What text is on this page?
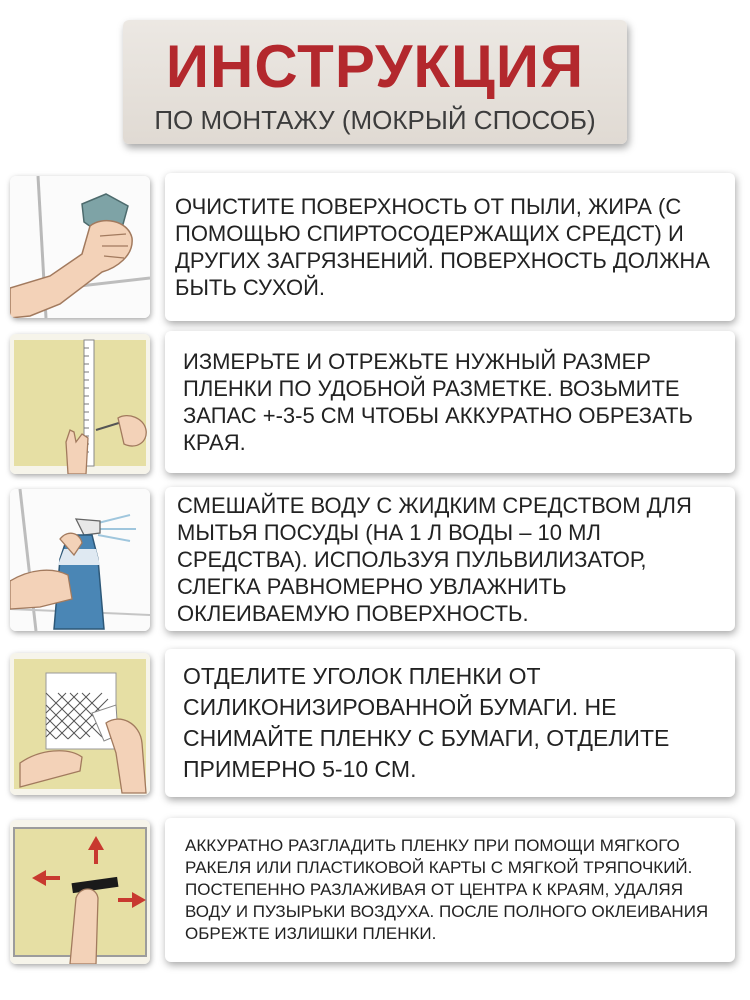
ИНСТРУКЦИЯ
ПО МОНТАЖУ (МОКРЫЙ СПОСОБ)

ОЧИСТИТЕ ПОВЕРХНОСТЬ ОТ ПЫЛИ, ЖИРА (С ПОМОЩЬЮ СПИРТОСОДЕРЖАЩИХ СРЕДСТ) И ДРУГИХ ЗАГРЯЗНЕНИЙ. ПОВЕРХНОСТЬ ДОЛЖНА БЫТЬ СУХОЙ.

ИЗМЕРЬТЕ И ОТРЕЖЬТЕ НУЖНЫЙ РАЗМЕР ПЛЕНКИ ПО УДОБНОЙ РАЗМЕТКЕ. ВОЗЬМИТЕ ЗАПАС +-3-5 СМ ЧТОБЫ АККУРАТНО ОБРЕЗАТЬ КРАЯ.

СМЕШАЙТЕ ВОДУ С ЖИДКИМ СРЕДСТВОМ ДЛЯ МЫТЬЯ ПОСУДЫ (НА 1 Л ВОДЫ – 10 МЛ СРЕДСТВА). ИСПОЛЬЗУЯ ПУЛЬВИЛИЗАТОР, СЛЕГКА РАВНОМЕРНО УВЛАЖНИТЬ ОКЛЕИВАЕМУЮ ПОВЕРХНОСТЬ.

ОТДЕЛИТЕ УГОЛОК ПЛЕНКИ ОТ СИЛИКОНИЗИРОВАННОЙ БУМАГИ. НЕ СНИМАЙТЕ ПЛЕНКУ С БУМАГИ, ОТДЕЛИТЕ ПРИМЕРНО 5-10 СМ.

АККУРАТНО РАЗГЛАДИТЬ ПЛЕНКУ ПРИ ПОМОЩИ МЯГКОГО РАКЕЛЯ ИЛИ ПЛАСТИКОВОЙ КАРТЫ С МЯГКОЙ ТРЯПОЧКИЙ. ПОСТЕПЕННО РАЗЛАЖИВАЯ ОТ ЦЕНТРА К КРАЯМ, УДАЛЯЯ ВОДУ И ПУЗЫРЬКИ ВОЗДУХА. ПОСЛЕ ПОЛНОГО ОКЛЕИВАНИЯ ОБРЕЖТЕ ИЗЛИШКИ ПЛЕНКИ.
